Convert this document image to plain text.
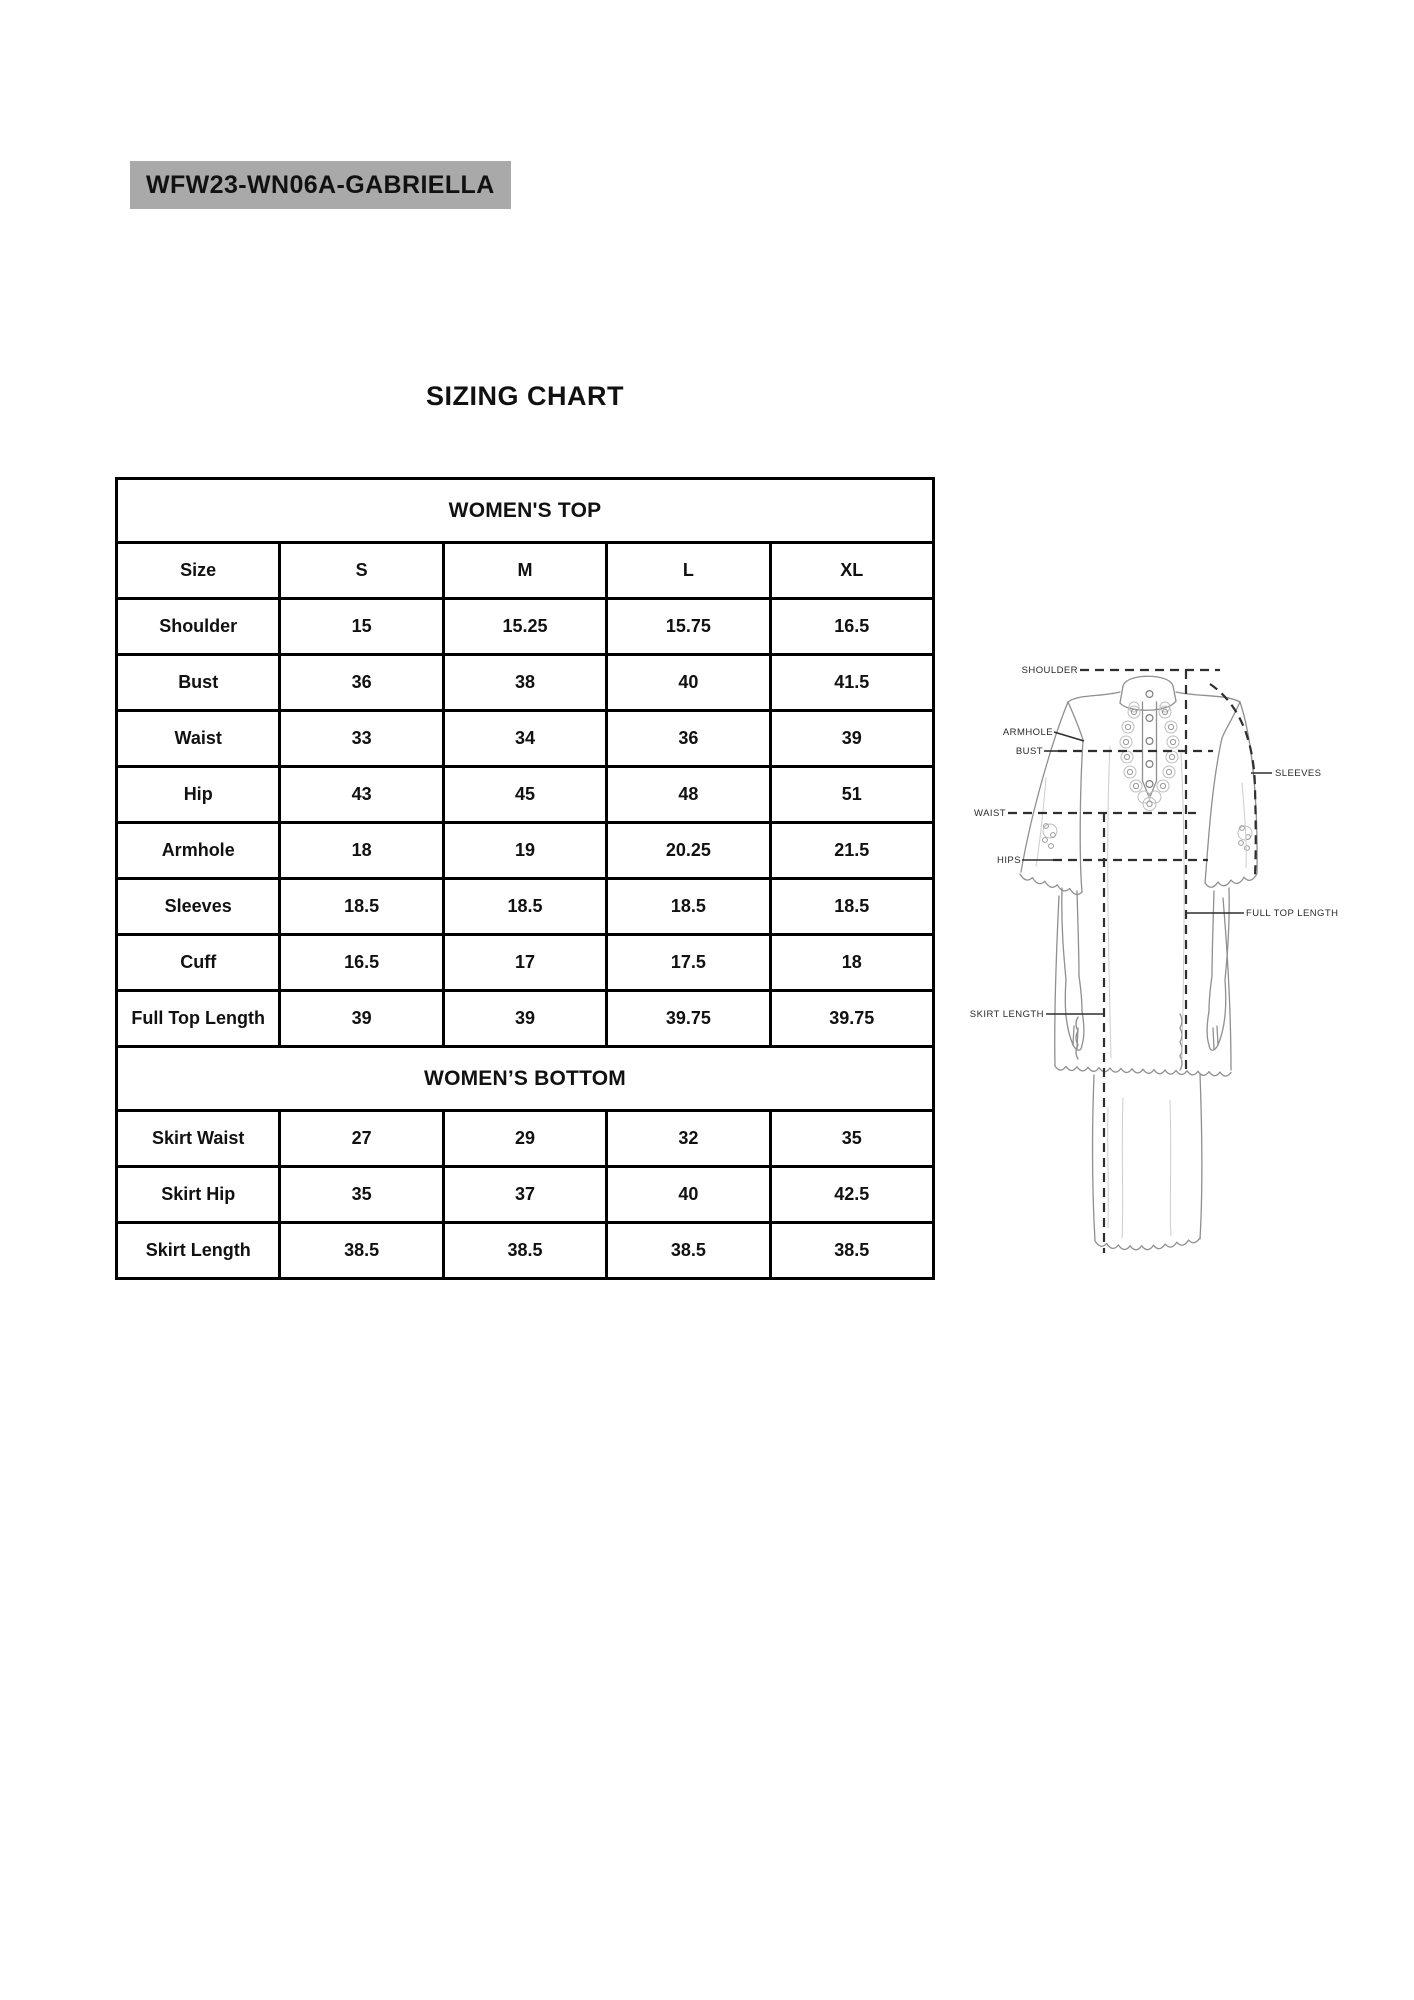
WFW23-WN06A-GABRIELLA
SIZING CHART
WOMEN'S TOP				
Size	S	M	L	XL
Shoulder	15	15.25	15.75	16.5
Bust	36	38	40	41.5
Waist	33	34	36	39
Hip	43	45	48	51
Armhole	18	19	20.25	21.5
Sleeves	18.5	18.5	18.5	18.5
Cuff	16.5	17	17.5	18
Full Top Length	39	39	39.75	39.75
WOMEN’S BOTTOM				
Skirt Waist	27	29	32	35
Skirt Hip	35	37	40	42.5
Skirt Length	38.5	38.5	38.5	38.5
SHOULDER
ARMHOLE
BUST
WAIST
HIPS
SLEEVES
FULL TOP LENGTH
SKIRT LENGTH
